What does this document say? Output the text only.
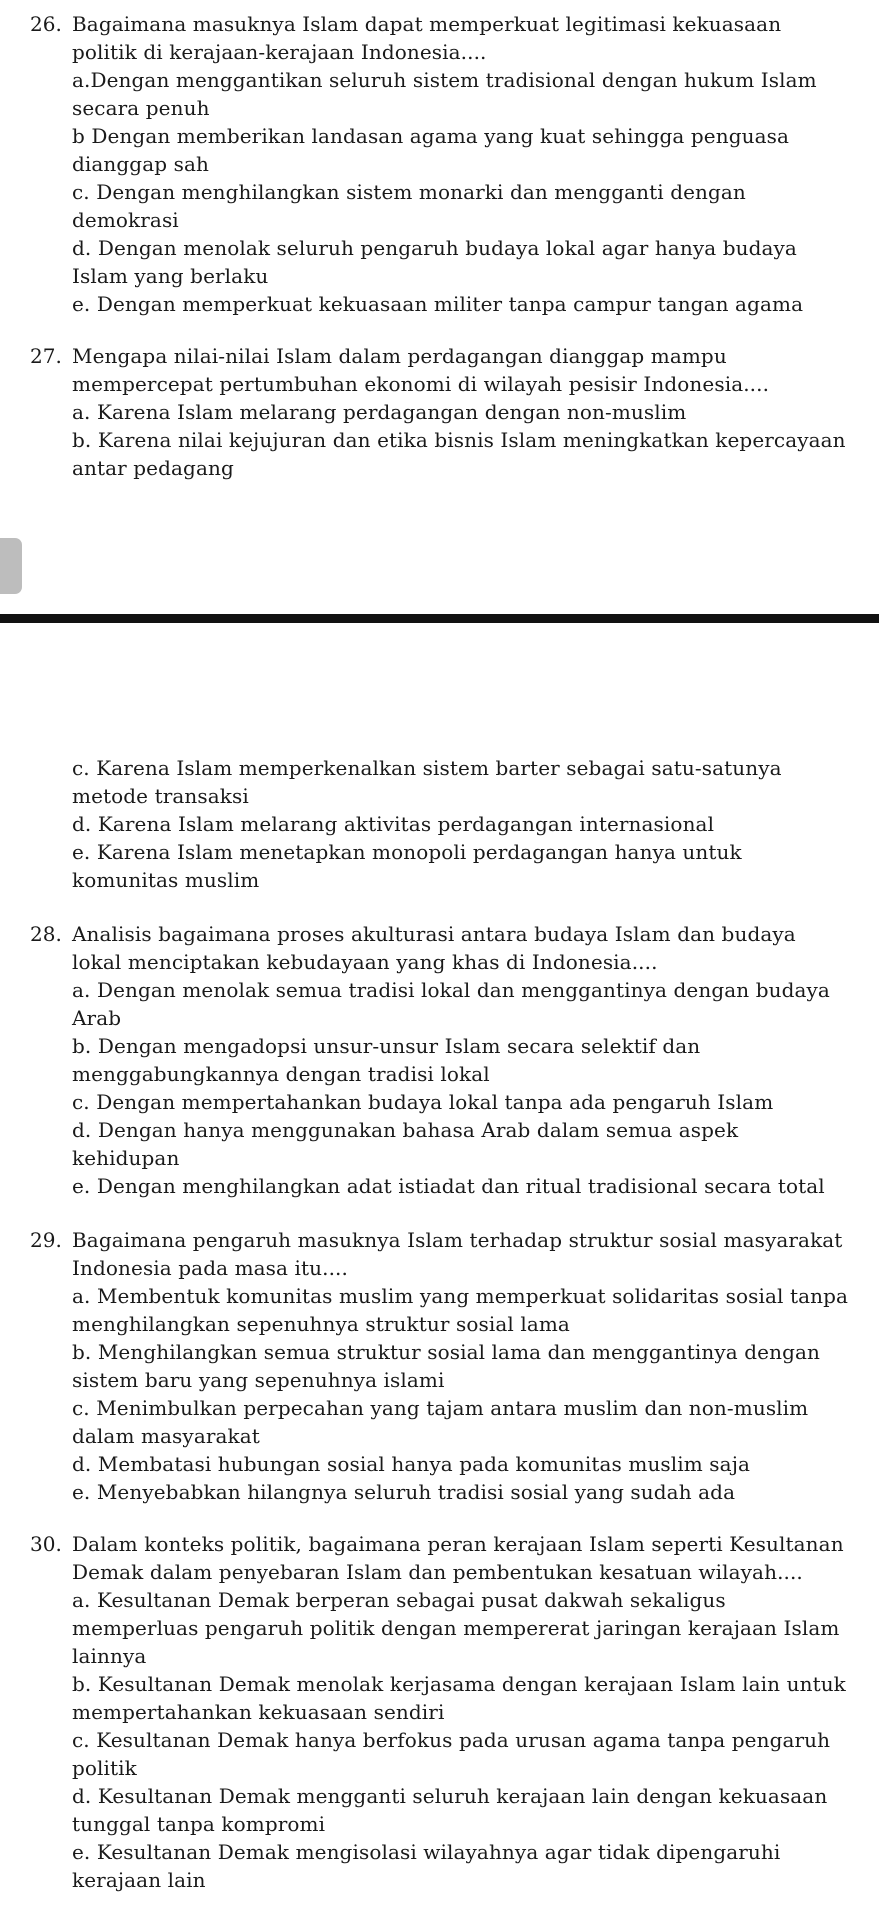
26. Bagaimana masuknya Islam dapat memperkuat legitimasi kekuasaan
politik di kerajaan-kerajaan Indonesia....
a.Dengan menggantikan seluruh sistem tradisional dengan hukum Islam
secara penuh
b Dengan memberikan landasan agama yang kuat sehingga penguasa
dianggap sah
c. Dengan menghilangkan sistem monarki dan mengganti dengan
demokrasi
d. Dengan menolak seluruh pengaruh budaya lokal agar hanya budaya
Islam yang berlaku
e. Dengan memperkuat kekuasaan militer tanpa campur tangan agama
27. Mengapa nilai-nilai Islam dalam perdagangan dianggap mampu
mempercepat pertumbuhan ekonomi di wilayah pesisir Indonesia....
a. Karena Islam melarang perdagangan dengan non-muslim
b. Karena nilai kejujuran dan etika bisnis Islam meningkatkan kepercayaan
antar pedagang
c. Karena Islam memperkenalkan sistem barter sebagai satu-satunya
metode transaksi
d. Karena Islam melarang aktivitas perdagangan internasional
e. Karena Islam menetapkan monopoli perdagangan hanya untuk
komunitas muslim
28. Analisis bagaimana proses akulturasi antara budaya Islam dan budaya
lokal menciptakan kebudayaan yang khas di Indonesia....
a. Dengan menolak semua tradisi lokal dan menggantinya dengan budaya
Arab
b. Dengan mengadopsi unsur-unsur Islam secara selektif dan
menggabungkannya dengan tradisi lokal
c. Dengan mempertahankan budaya lokal tanpa ada pengaruh Islam
d. Dengan hanya menggunakan bahasa Arab dalam semua aspek
kehidupan
e. Dengan menghilangkan adat istiadat dan ritual tradisional secara total
29. Bagaimana pengaruh masuknya Islam terhadap struktur sosial masyarakat
Indonesia pada masa itu....
a. Membentuk komunitas muslim yang memperkuat solidaritas sosial tanpa
menghilangkan sepenuhnya struktur sosial lama
b. Menghilangkan semua struktur sosial lama dan menggantinya dengan
sistem baru yang sepenuhnya islami
c. Menimbulkan perpecahan yang tajam antara muslim dan non-muslim
dalam masyarakat
d. Membatasi hubungan sosial hanya pada komunitas muslim saja
e. Menyebabkan hilangnya seluruh tradisi sosial yang sudah ada
30. Dalam konteks politik, bagaimana peran kerajaan Islam seperti Kesultanan
Demak dalam penyebaran Islam dan pembentukan kesatuan wilayah....
a. Kesultanan Demak berperan sebagai pusat dakwah sekaligus
memperluas pengaruh politik dengan mempererat jaringan kerajaan Islam
lainnya
b. Kesultanan Demak menolak kerjasama dengan kerajaan Islam lain untuk
mempertahankan kekuasaan sendiri
c. Kesultanan Demak hanya berfokus pada urusan agama tanpa pengaruh
politik
d. Kesultanan Demak mengganti seluruh kerajaan lain dengan kekuasaan
tunggal tanpa kompromi
e. Kesultanan Demak mengisolasi wilayahnya agar tidak dipengaruhi
kerajaan lain
